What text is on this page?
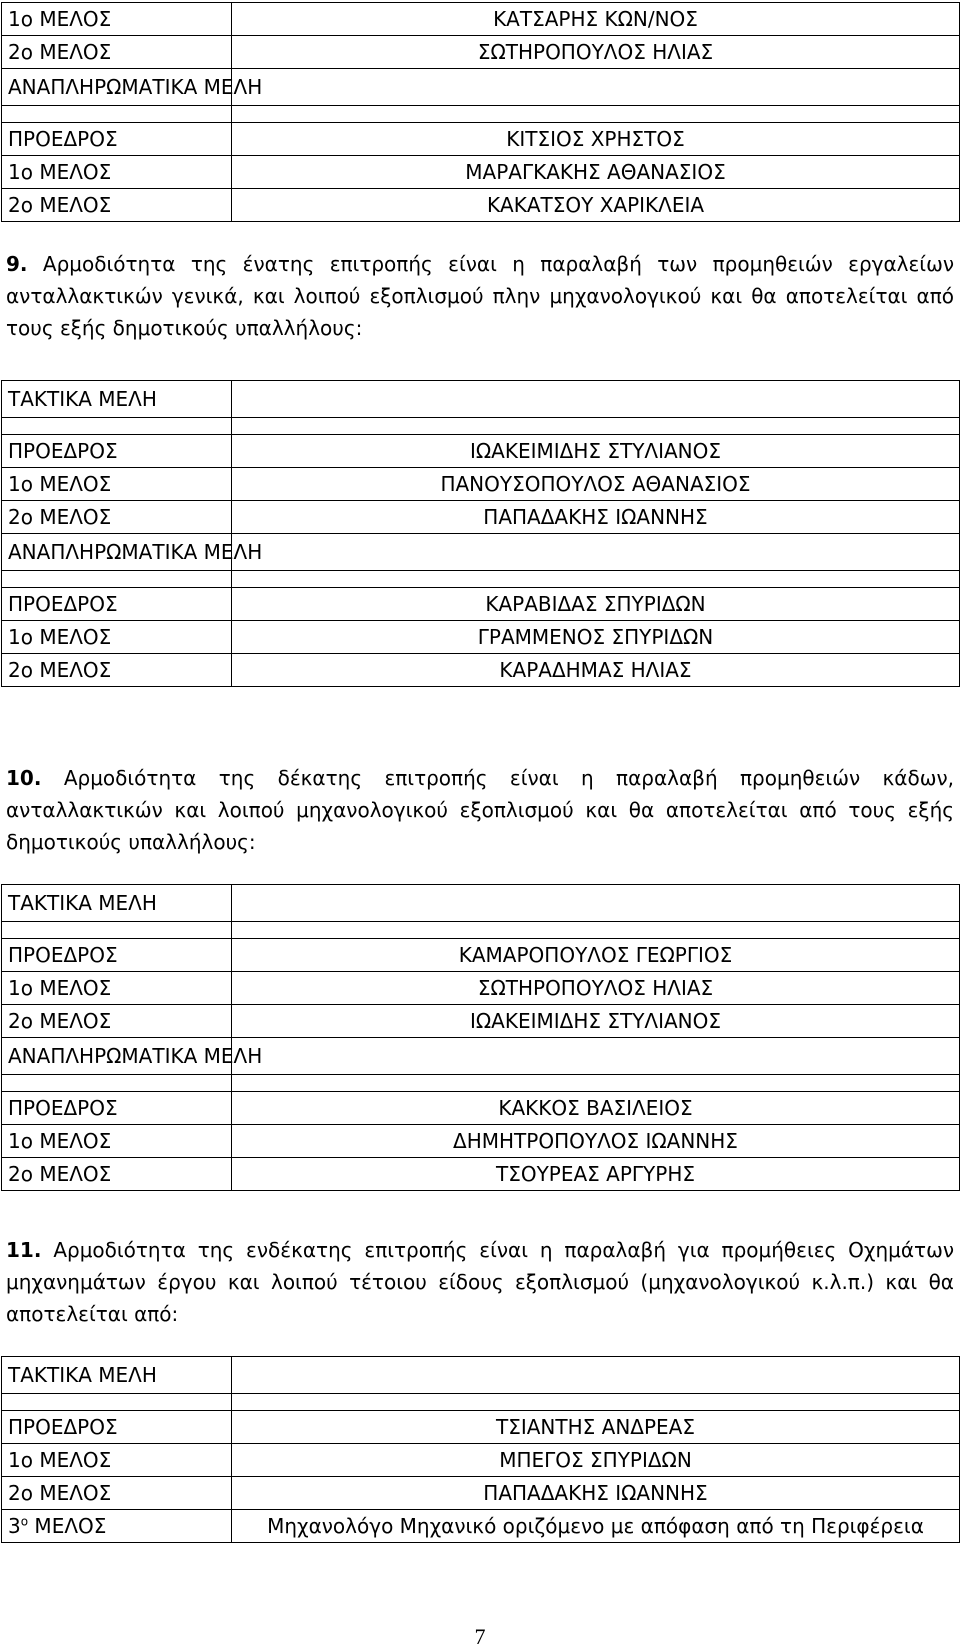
1ο ΜΕΛΟΣ	ΚΑΤΣΑΡΗΣ ΚΩΝ/ΝΟΣ
2ο ΜΕΛΟΣ	ΣΩΤΗΡΟΠΟΥΛΟΣ ΗΛΙΑΣ
ΑΝΑΠΛΗΡΩΜΑΤΙΚΑ ΜΕΛΗ	

ΠΡΟΕΔΡΟΣ	ΚΙΤΣΙΟΣ ΧΡΗΣΤΟΣ
1ο ΜΕΛΟΣ	ΜΑΡΑΓΚΑΚΗΣ ΑΘΑΝΑΣΙΟΣ
2ο ΜΕΛΟΣ	ΚΑΚΑΤΣΟΥ ΧΑΡΙΚΛΕΙΑ

9. Αρμοδιότητα της ένατης επιτροπής είναι η παραλαβή των προμηθειών εργαλείων ανταλλακτικών γενικά, και λοιπού εξοπλισμού πλην μηχανολογικού και θα αποτελείται από τους εξής δημοτικούς υπαλλήλους:

ΤΑΚΤΙΚΑ ΜΕΛΗ	

ΠΡΟΕΔΡΟΣ	ΙΩΑΚΕΙΜΙΔΗΣ ΣΤΥΛΙΑΝΟΣ
1ο ΜΕΛΟΣ	ΠΑΝΟΥΣΟΠΟΥΛΟΣ ΑΘΑΝΑΣΙΟΣ
2ο ΜΕΛΟΣ	ΠΑΠΑΔΑΚΗΣ ΙΩΑΝΝΗΣ
ΑΝΑΠΛΗΡΩΜΑΤΙΚΑ ΜΕΛΗ	

ΠΡΟΕΔΡΟΣ	ΚΑΡΑΒΙΔΑΣ ΣΠΥΡΙΔΩΝ
1ο ΜΕΛΟΣ	ΓΡΑΜΜΕΝΟΣ ΣΠΥΡΙΔΩΝ
2ο ΜΕΛΟΣ	ΚΑΡΑΔΗΜΑΣ ΗΛΙΑΣ

10. Αρμοδιότητα της δέκατης επιτροπής είναι η παραλαβή προμηθειών κάδων, ανταλλακτικών και λοιπού μηχανολογικού εξοπλισμού και θα αποτελείται από τους εξής δημοτικούς υπαλλήλους:

ΤΑΚΤΙΚΑ ΜΕΛΗ	

ΠΡΟΕΔΡΟΣ	ΚΑΜΑΡΟΠΟΥΛΟΣ ΓΕΩΡΓΙΟΣ
1ο ΜΕΛΟΣ	ΣΩΤΗΡΟΠΟΥΛΟΣ ΗΛΙΑΣ
2ο ΜΕΛΟΣ	ΙΩΑΚΕΙΜΙΔΗΣ ΣΤΥΛΙΑΝΟΣ
ΑΝΑΠΛΗΡΩΜΑΤΙΚΑ ΜΕΛΗ	

ΠΡΟΕΔΡΟΣ	ΚΑΚΚΟΣ ΒΑΣΙΛΕΙΟΣ
1ο ΜΕΛΟΣ	ΔΗΜΗΤΡΟΠΟΥΛΟΣ ΙΩΑΝΝΗΣ
2ο ΜΕΛΟΣ	ΤΣΟΥΡΕΑΣ ΑΡΓΥΡΗΣ

11. Αρμοδιότητα της ενδέκατης επιτροπής είναι η παραλαβή για προμήθειες Οχημάτων μηχανημάτων έργου και λοιπού τέτοιου είδους εξοπλισμού (μηχανολογικού κ.λ.π.) και θα αποτελείται από:

ΤΑΚΤΙΚΑ ΜΕΛΗ	

ΠΡΟΕΔΡΟΣ	ΤΣΙΑΝΤΗΣ ΑΝΔΡΕΑΣ
1ο ΜΕΛΟΣ	ΜΠΕΓΟΣ ΣΠΥΡΙΔΩΝ
2ο ΜΕΛΟΣ	ΠΑΠΑΔΑΚΗΣ ΙΩΑΝΝΗΣ
$3^o$ ΜΕΛΟΣ	Μηχανολόγο Μηχανικό οριζόμενο με απόφαση από τη Περιφέρεια
7
